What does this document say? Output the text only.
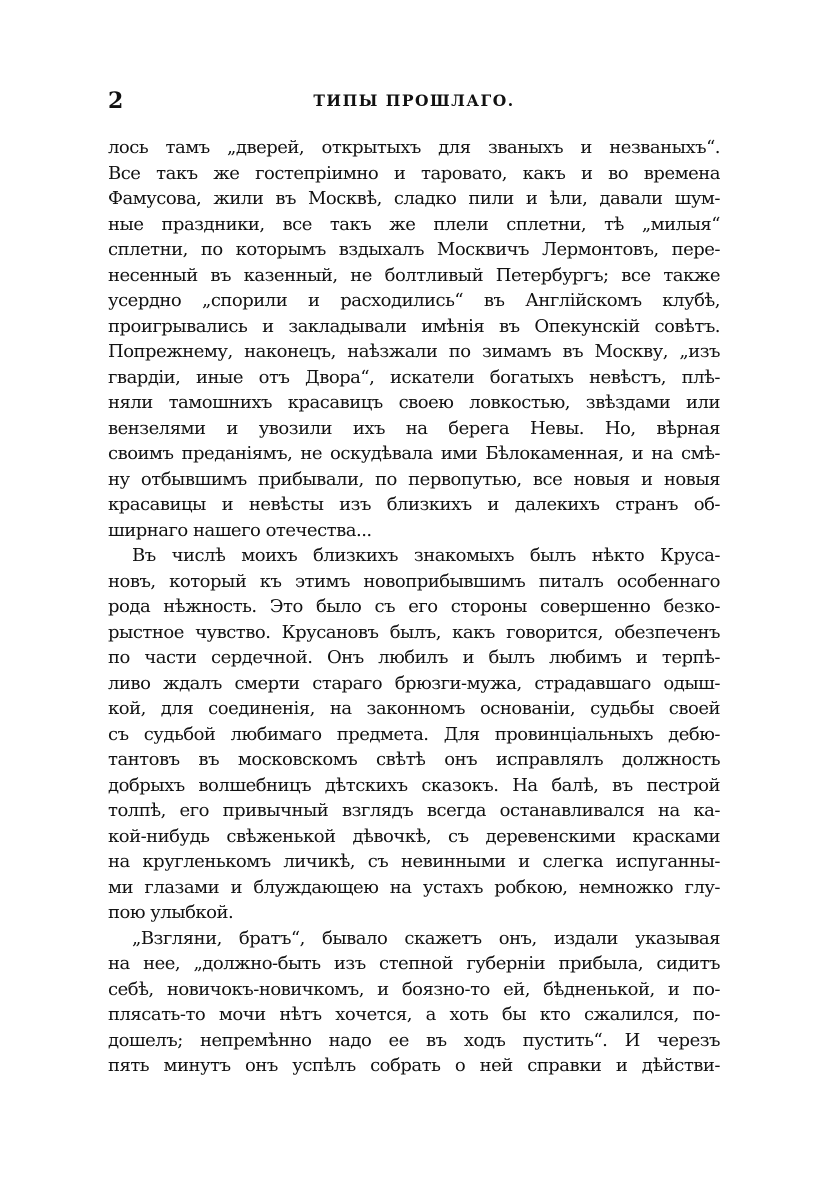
2	ТИПЫ ПРОШЛАГО.
лось тамъ „дверей, открытыхъ для званыхъ и незваныхъ“.
Все такъ же гостепріимно и таровато, какъ и во времена
Фамусова, жили въ Москвѣ, сладко пили и ѣли, давали шум-
ные праздники, все такъ же плели сплетни, тѣ „милыя“
сплетни, по которымъ вздыхалъ Москвичъ Лермонтовъ, пере-
несенный въ казенный, не болтливый Петербургъ; все также
усердно „спорили и расходились“ въ Англійскомъ клубѣ,
проигрывались и закладывали имѣнія въ Опекунскій совѣтъ.
Попрежнему, наконецъ, наѣзжали по зимамъ въ Москву, „изъ
гвардіи, иные отъ Двора“, искатели богатыхъ невѣстъ, плѣ-
няли тамошнихъ красавицъ своею ловкостью, звѣздами или
вензелями и увозили ихъ на берега Невы. Но, вѣрная
своимъ преданіямъ, не оскудѣвала ими Бѣлокаменная, и на смѣ-
ну отбывшимъ прибывали, по первопутью, все новыя и новыя
красавицы и невѣсты изъ близкихъ и далекихъ странъ об-
ширнаго нашего отечества...
Въ числѣ моихъ близкихъ знакомыхъ былъ нѣкто Круса-
новъ, который къ этимъ новоприбывшимъ питалъ особеннаго
рода нѣжность. Это было съ его стороны совершенно безко-
рыстное чувство. Крусановъ былъ, какъ говорится, обезпеченъ
по части сердечной. Онъ любилъ и былъ любимъ и терпѣ-
ливо ждалъ смерти стараго брюзги-мужа, страдавшаго одыш-
кой, для соединенія, на законномъ основаніи, судьбы своей
съ судьбой любимаго предмета. Для провинціальныхъ дебю-
тантовъ въ московскомъ свѣтѣ онъ исправлялъ должность
добрыхъ волшебницъ дѣтскихъ сказокъ. На балѣ, въ пестрой
толпѣ, его привычный взглядъ всегда останавливался на ка-
кой-нибудь свѣженькой дѣвочкѣ, съ деревенскими красками
на кругленькомъ личикѣ, съ невинными и слегка испуганны-
ми глазами и блуждающею на устахъ робкою, немножко глу-
пою улыбкой.
„Взгляни, братъ“, бывало скажетъ онъ, издали указывая
на нее, „должно-быть изъ степной губерніи прибыла, сидитъ
себѣ, новичокъ-новичкомъ, и боязно-то ей, бѣдненькой, и по-
плясать-то мочи нѣтъ хочется, а хоть бы кто сжалился, по-
дошелъ; непремѣнно надо ее въ ходъ пустить“. И черезъ
пять минутъ онъ успѣлъ собрать о ней справки и дѣйстви-
